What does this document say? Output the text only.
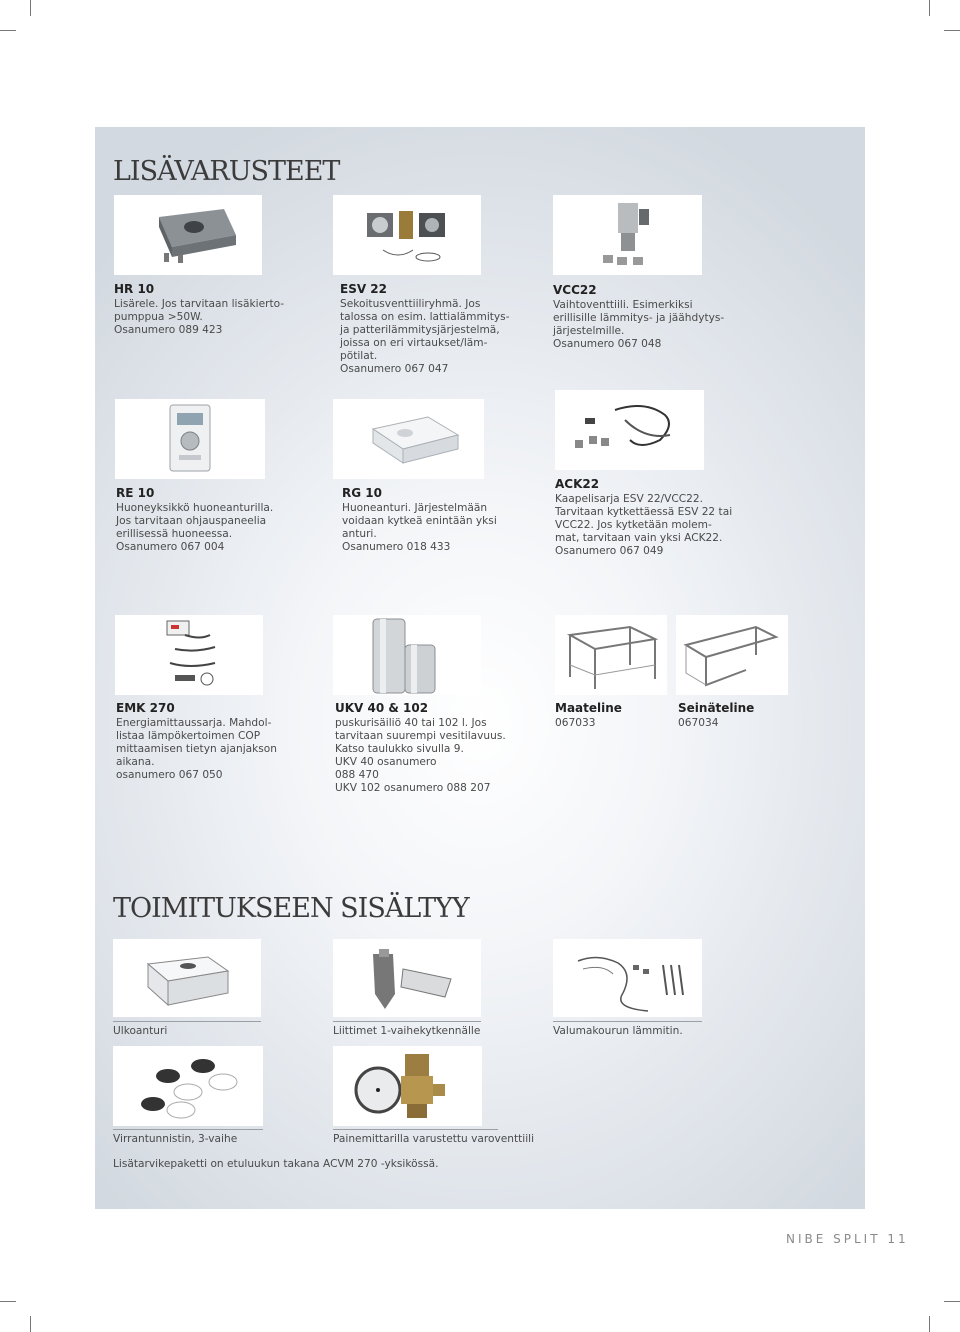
LISÄVARUSTEET
HR 10
Lisärele. Jos tarvitaan lisäkierto-
pumppua >50W.
Osanumero 089 423
ESV 22
Sekoitusventtiiliryhmä. Jos
talossa on esim. lattialämmitys-
ja patterilämmitysjärjestelmä,
joissa on eri virtaukset/läm-
pötilat.
Osanumero 067 047
VCC22
Vaihtoventtiili. Esimerkiksi
erillisille lämmitys- ja jäähdytys-
järjestelmille.
Osanumero 067 048
RE 10
Huoneyksikkö huoneanturilla.
Jos tarvitaan ohjauspaneelia
erillisessä huoneessa.
Osanumero 067 004
RG 10
Huoneanturi. Järjestelmään
voidaan kytkeä enintään yksi
anturi.
Osanumero 018 433
ACK22
Kaapelisarja ESV 22/VCC22.
Tarvitaan kytkettäessä ESV 22 tai
VCC22. Jos kytketään molem-
mat, tarvitaan vain yksi ACK22.
Osanumero 067 049
EMK 270
Energiamittaussarja. Mahdol-
listaa lämpökertoimen COP
mittaamisen tietyn ajanjakson
aikana.
osanumero 067 050
UKV 40 & 102
puskurisäiliö 40 tai 102 l. Jos
tarvitaan suurempi vesitilavuus.
Katso taulukko sivulla 9.
UKV 40 osanumero
088 470
UKV 102 osanumero 088 207
Maateline
067033
Seinäteline
067034
TOIMITUKSEEN SISÄLTYY
Ulkoanturi	Liittimet 1-vaihekytkennälle	Valumakourun lämmitin.
Virrantunnistin, 3-vaihe	Painemittarilla varustettu varoventtiili
Lisätarvikepaketti on etuluukun takana ACVM 270 -yksikössä.
NIBE SPLIT 11
